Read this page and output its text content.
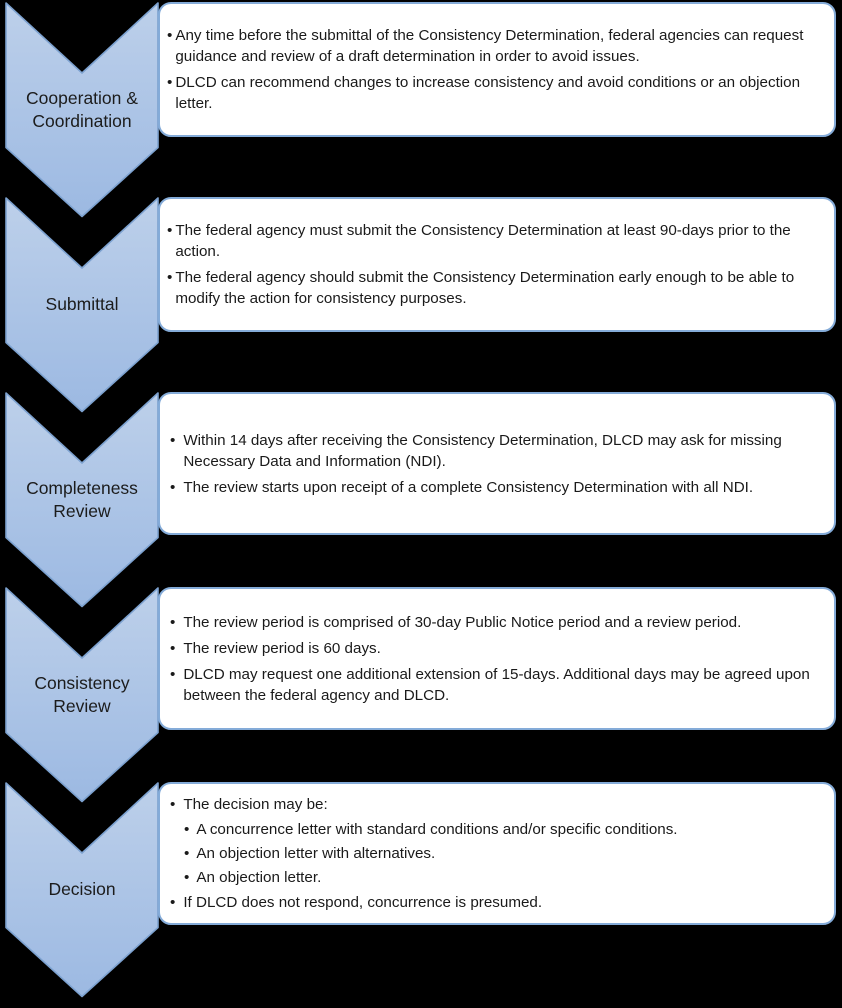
Cooperation & Coordination
• Any time before the submittal of the Consistency Determination, federal agencies can request guidance and review of a draft determination in order to avoid issues.
• DLCD can recommend changes to increase consistency and avoid conditions or an objection letter.
Submittal
• The federal agency must submit the Consistency Determination at least 90-days prior to the action.
• The federal agency should submit the Consistency Determination early enough to be able to modify the action for consistency purposes.
Completeness Review
• Within 14 days after receiving the Consistency Determination, DLCD may ask for missing Necessary Data and Information (NDI).
• The review starts upon receipt of a complete Consistency Determination with all NDI.
Consistency Review
• The review period is comprised of 30-day Public Notice period and a review period.
• The review period is 60 days.
• DLCD may request one additional extension of 15-days. Additional days may be agreed upon between the federal agency and DLCD.
Decision
• The decision may be:
• A concurrence letter with standard conditions and/or specific conditions.
• An objection letter with alternatives.
• An objection letter.
• If DLCD does not respond, concurrence is presumed.
